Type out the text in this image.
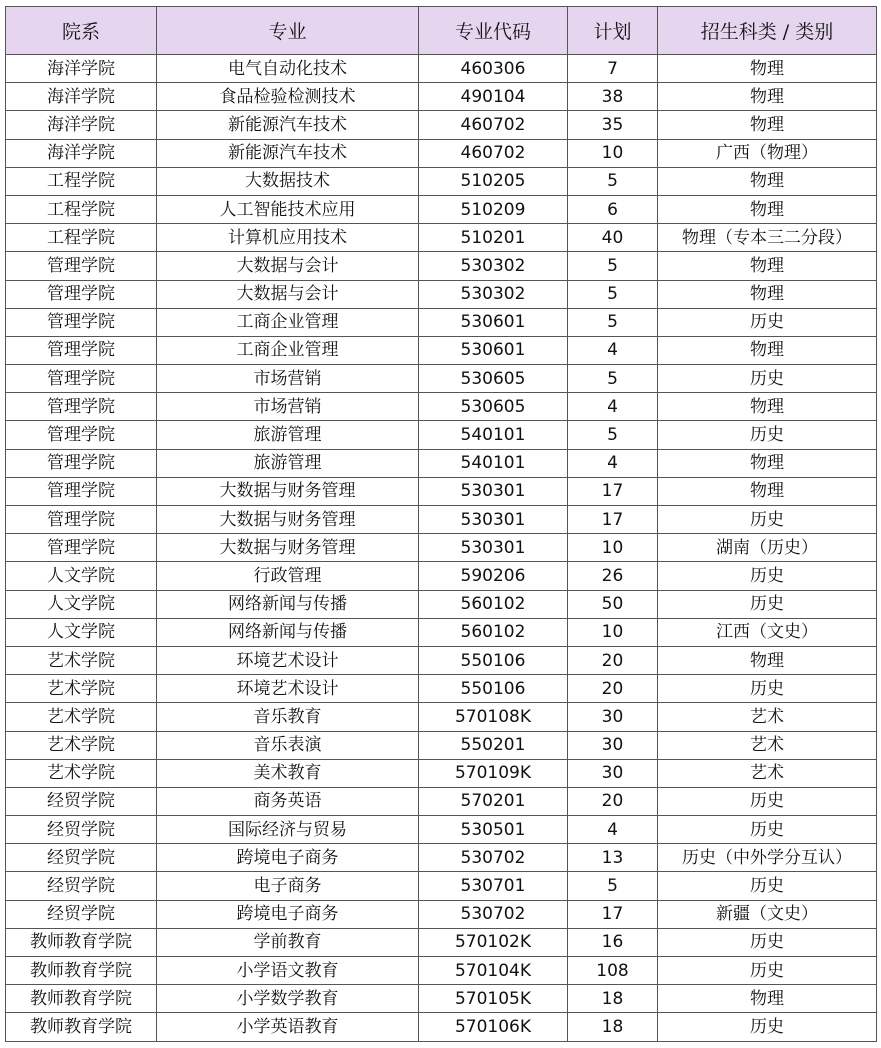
院系	专业	专业代码	计划	招生科类 / 类别
海洋学院	电气自动化技术	460306	7	物理
海洋学院	食品检验检测技术	490104	38	物理
海洋学院	新能源汽车技术	460702	35	物理
海洋学院	新能源汽车技术	460702	10	广西（物理）
工程学院	大数据技术	510205	5	物理
工程学院	人工智能技术应用	510209	6	物理
工程学院	计算机应用技术	510201	40	物理（专本三二分段）
管理学院	大数据与会计	530302	5	物理
管理学院	大数据与会计	530302	5	物理
管理学院	工商企业管理	530601	5	历史
管理学院	工商企业管理	530601	4	物理
管理学院	市场营销	530605	5	历史
管理学院	市场营销	530605	4	物理
管理学院	旅游管理	540101	5	历史
管理学院	旅游管理	540101	4	物理
管理学院	大数据与财务管理	530301	17	物理
管理学院	大数据与财务管理	530301	17	历史
管理学院	大数据与财务管理	530301	10	湖南（历史）
人文学院	行政管理	590206	26	历史
人文学院	网络新闻与传播	560102	50	历史
人文学院	网络新闻与传播	560102	10	江西（文史）
艺术学院	环境艺术设计	550106	20	物理
艺术学院	环境艺术设计	550106	20	历史
艺术学院	音乐教育	570108K	30	艺术
艺术学院	音乐表演	550201	30	艺术
艺术学院	美术教育	570109K	30	艺术
经贸学院	商务英语	570201	20	历史
经贸学院	国际经济与贸易	530501	4	历史
经贸学院	跨境电子商务	530702	13	历史（中外学分互认）
经贸学院	电子商务	530701	5	历史
经贸学院	跨境电子商务	530702	17	新疆（文史）
教师教育学院	学前教育	570102K	16	历史
教师教育学院	小学语文教育	570104K	108	历史
教师教育学院	小学数学教育	570105K	18	物理
教师教育学院	小学英语教育	570106K	18	历史
